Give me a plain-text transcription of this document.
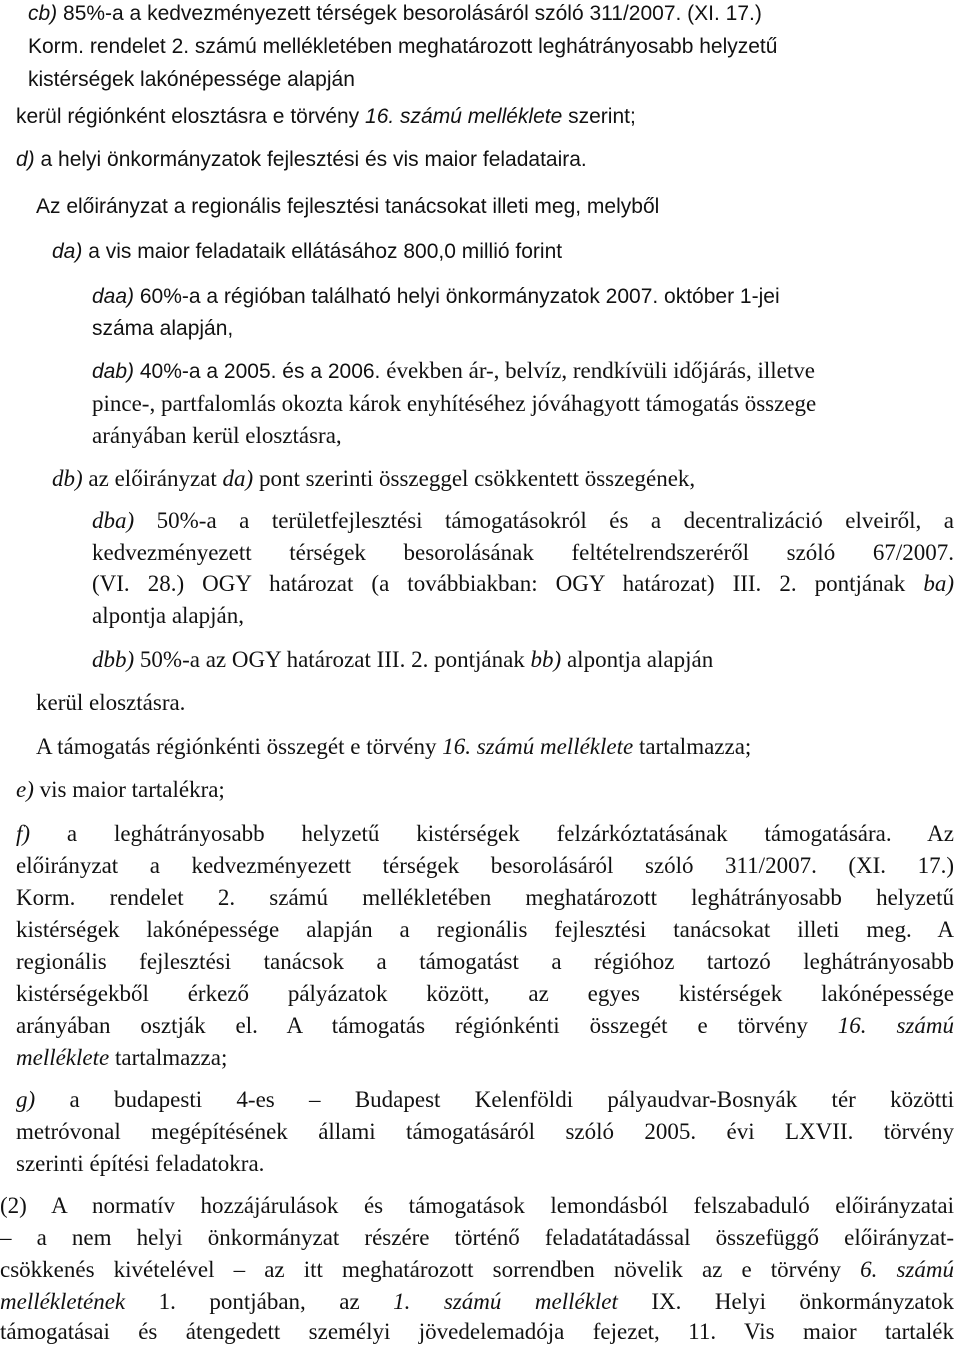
cb) 85%-a a kedvezményezett térségek besorolásáról szóló 311/2007. (XI. 17.)
Korm. rendelet 2. számú mellékletében meghatározott leghátrányosabb helyzetű
kistérségek lakónépessége alapján
kerül régiónként elosztásra e törvény 16. számú melléklete szerint;
d) a helyi önkormányzatok fejlesztési és vis maior feladataira.
Az előirányzat a regionális fejlesztési tanácsokat illeti meg, melyből
da) a vis maior feladataik ellátásához 800,0 millió forint
daa) 60%-a a régióban található helyi önkormányzatok 2007. október 1-jei
száma alapján,
dab) 40%-a a 2005. és a 2006. években ár-, belvíz, rendkívüli időjárás, illetve
pince-, partfalomlás okozta károk enyhítéséhez jóváhagyott támogatás összege
arányában kerül elosztásra,
db) az előirányzat da) pont szerinti összeggel csökkentett összegének,
dba) 50%-a a területfejlesztési támogatásokról és a decentralizáció elveiről, a
kedvezményezett térségek besorolásának feltételrendszeréről szóló 67/2007.
(VI. 28.) OGY határozat (a továbbiakban: OGY határozat) III. 2. pontjának ba)
alpontja alapján,
dbb) 50%-a az OGY határozat III. 2. pontjának bb) alpontja alapján
kerül elosztásra.
A támogatás régiónkénti összegét e törvény 16. számú melléklete tartalmazza;
e) vis maior tartalékra;
f) a leghátrányosabb helyzetű kistérségek felzárkóztatásának támogatására. Az
előirányzat a kedvezményezett térségek besorolásáról szóló 311/2007. (XI. 17.)
Korm. rendelet 2. számú mellékletében meghatározott leghátrányosabb helyzetű
kistérségek lakónépessége alapján a regionális fejlesztési tanácsokat illeti meg. A
regionális fejlesztési tanácsok a támogatást a régióhoz tartozó leghátrányosabb
kistérségekből érkező pályázatok között, az egyes kistérségek lakónépessége
arányában osztják el. A támogatás régiónkénti összegét e törvény 16. számú
melléklete tartalmazza;
g) a budapesti 4-es – Budapest Kelenföldi pályaudvar-Bosnyák tér közötti
metróvonal megépítésének állami támogatásáról szóló 2005. évi LXVII. törvény
szerinti építési feladatokra.
(2) A normatív hozzájárulások és támogatások lemondásból felszabaduló előirányzatai
– a nem helyi önkormányzat részére történő feladatátadással összefüggő előirányzat-
csökkenés kivételével – az itt meghatározott sorrendben növelik az e törvény 6. számú
mellékletének 1. pontjában, az 1. számú melléklet IX. Helyi önkormányzatok
támogatásai és átengedett személyi jövedelemadója fejezet, 11. Vis maior tartalék
